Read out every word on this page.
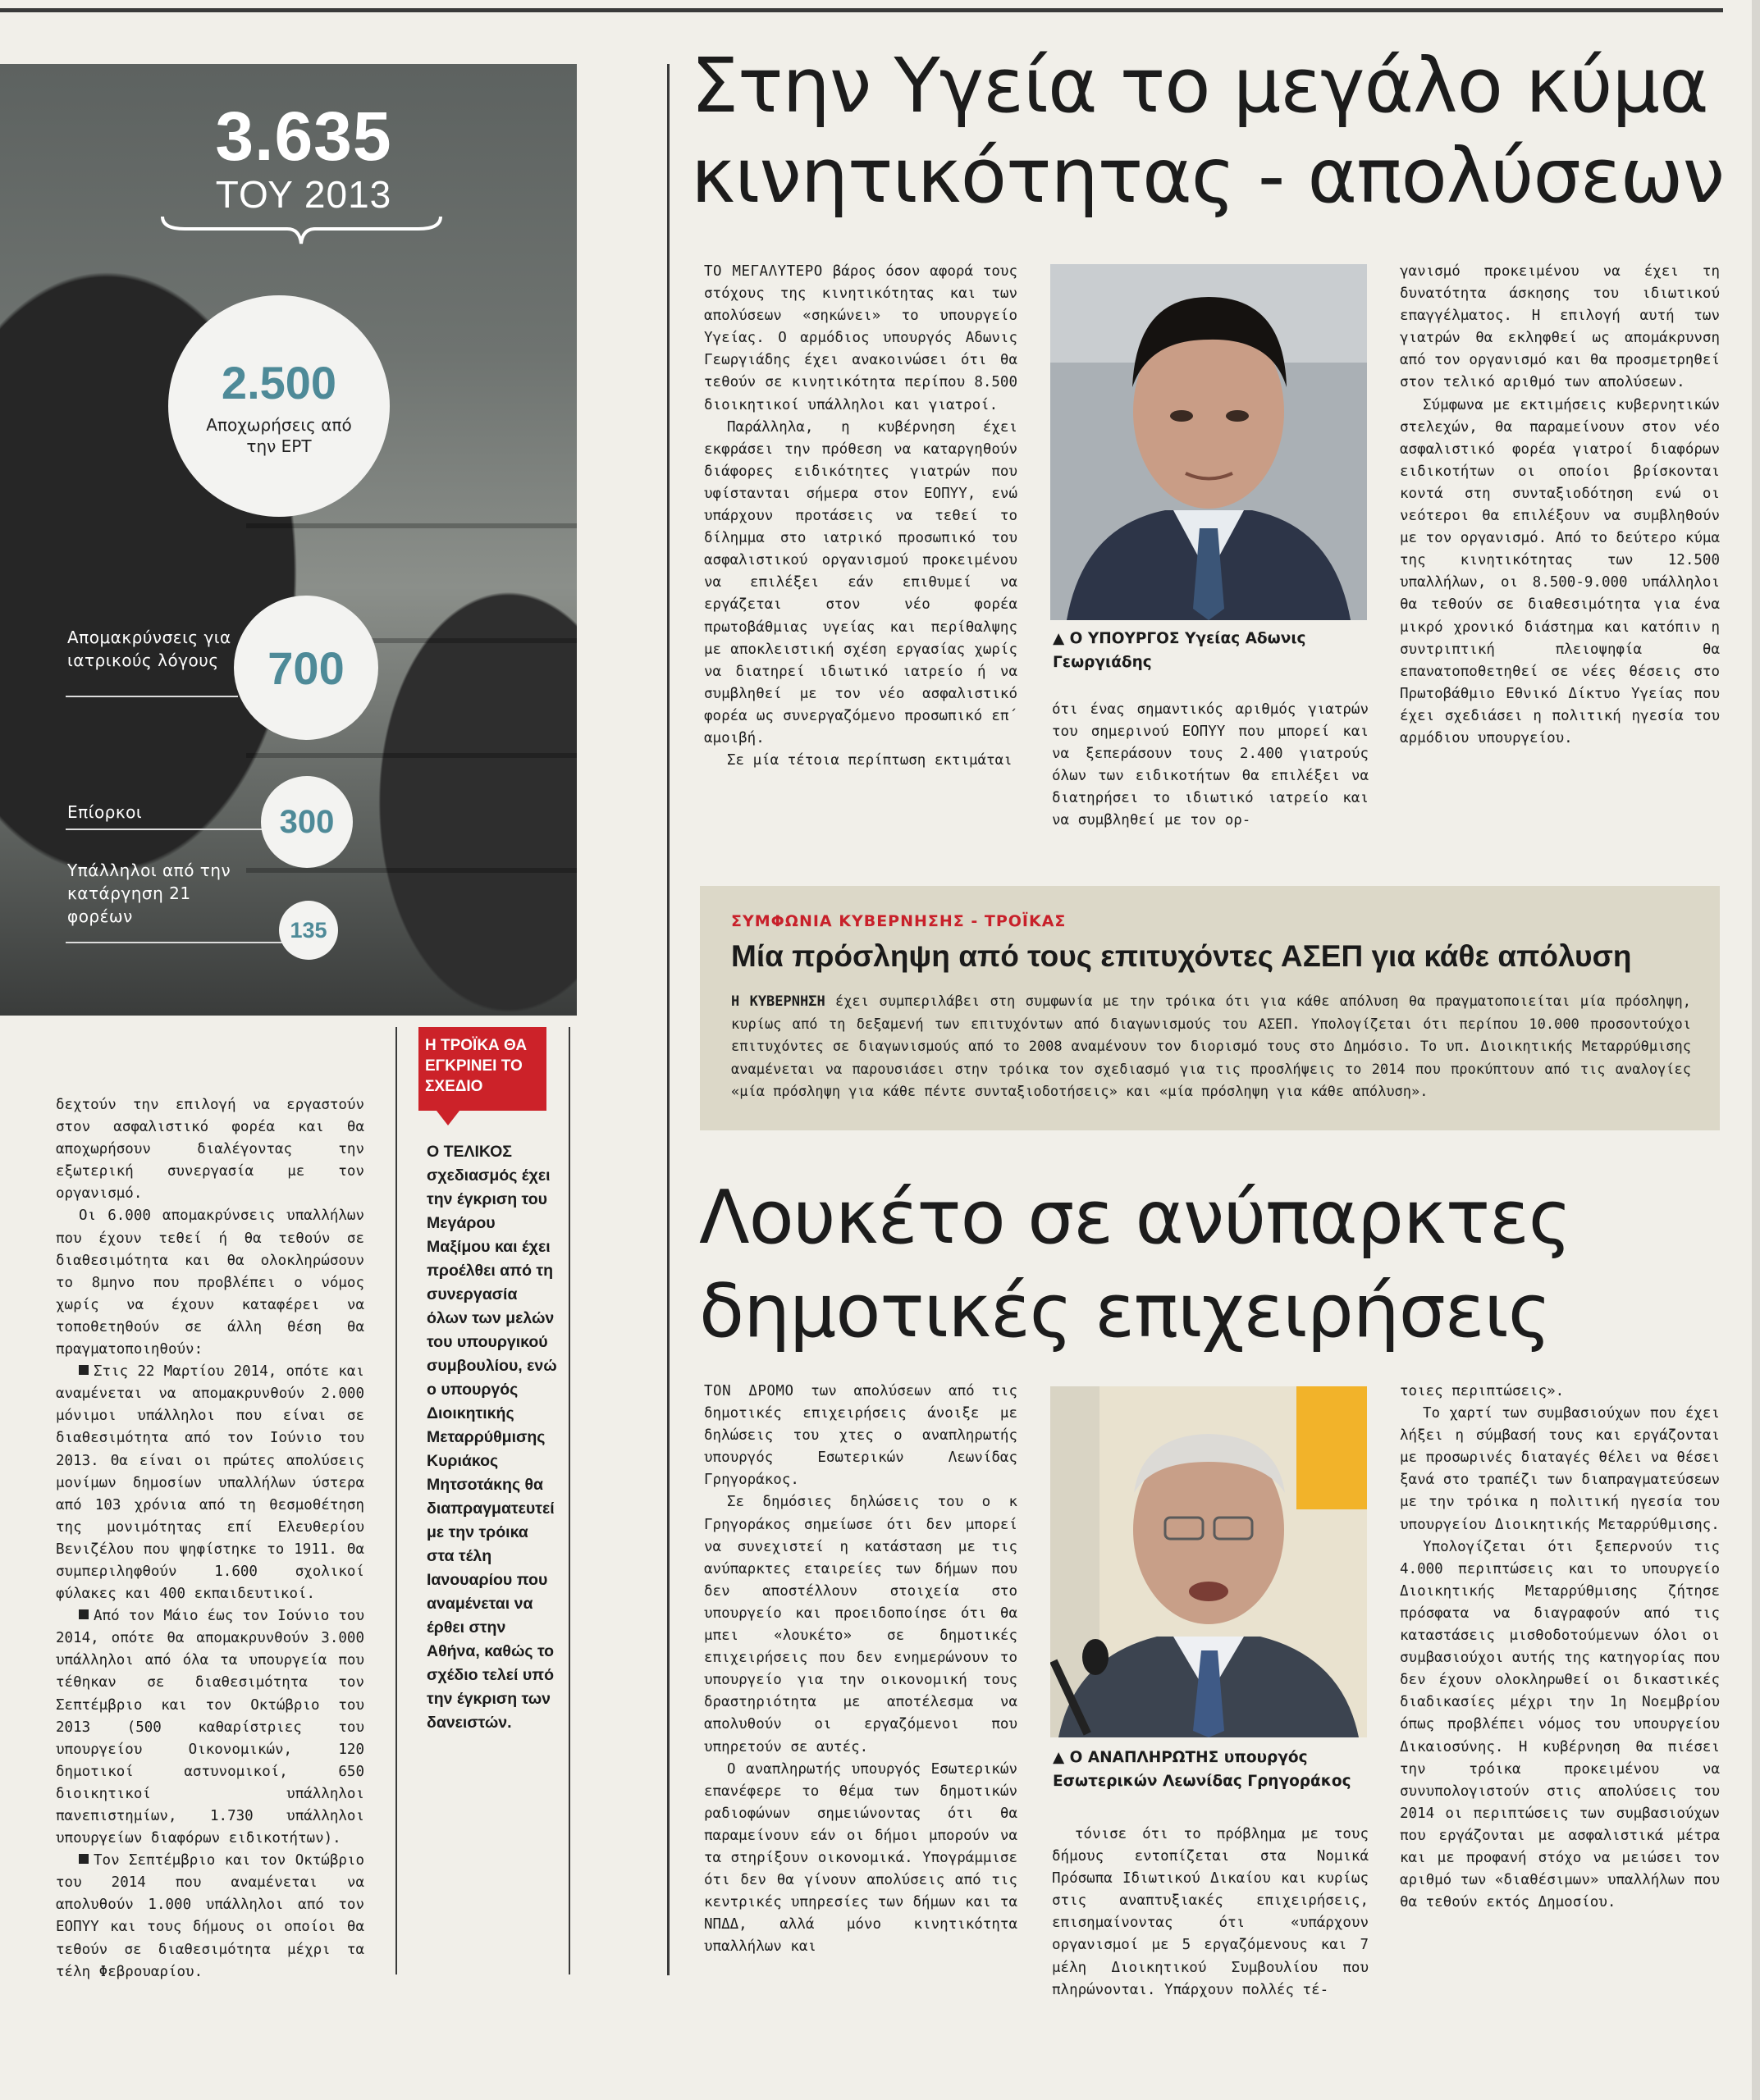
3.635
ΤΟΥ 2013
2.500
Αποχωρήσεις από την ΕΡΤ
Απομακρύνσεις για ιατρικούς λόγους 700
Επίορκοι	300
Υπάλληλοι από την κατάργηση 21 φορέων
135
Στην Υγεία το μεγάλο κύμα
κινητικότητας - απολύσεων

ΤΟ ΜΕΓΑΛΥΤΕΡΟ βάρος όσον αφορά τους στόχους της κινητικότητας και των απολύσεων «σηκώνει» το υπουργείο Υγείας. Ο αρμόδιος υπουργός Αδωνις Γεωργιάδης έχει ανακοινώσει ότι θα τεθούν σε κινητικότητα περίπου 8.500 διοικητικοί υπάλληλοι και γιατροί.

Παράλληλα, η κυβέρνηση έχει εκφράσει την πρόθεση να καταργηθούν διάφορες ειδικότητες γιατρών που υφίστανται σήμερα στον ΕΟΠΥΥ, ενώ υπάρχουν προτάσεις να τεθεί το δίλημμα στο ιατρικό προσωπικό του ασφαλιστικού οργανισμού προκειμένου να επιλέξει εάν επιθυμεί να εργάζεται στον νέο φορέα πρωτοβάθμιας υγείας και περίθαλψης με αποκλειστική σχέση εργασίας χωρίς να διατηρεί ιδιωτικό ιατρείο ή να συμβληθεί με τον νέο ασφαλιστικό φορέα ως συνεργαζόμενο προσωπικό επ΄ αμοιβή.

Σε μία τέτοια περίπτωση εκτιμάται

▲ Ο ΥΠΟΥΡΓΟΣ Υγείας Αδωνις Γεωργιάδης

ότι ένας σημαντικός αριθμός γιατρών του σημερινού ΕΟΠΥΥ που μπορεί και να ξεπεράσουν τους 2.400 γιατρούς όλων των ειδικοτήτων θα επιλέξει να διατηρήσει το ιδιωτικό ιατρείο και να συμβληθεί με τον ορ-

γανισμό προκειμένου να έχει τη δυνατότητα άσκησης του ιδιωτικού επαγγέλματος. Η επιλογή αυτή των γιατρών θα εκληφθεί ως απομάκρυνση από τον οργανισμό και θα προσμετρηθεί στον τελικό αριθμό των απολύσεων.

Σύμφωνα με εκτιμήσεις κυβερνητικών στελεχών, θα παραμείνουν στον νέο ασφαλιστικό φορέα γιατροί διαφόρων ειδικοτήτων οι οποίοι βρίσκονται κοντά στη συνταξιοδότηση ενώ οι νεότεροι θα επιλέξουν να συμβληθούν με τον οργανισμό. Από το δεύτερο κύμα της κινητικότητας των 12.500 υπαλλήλων, οι 8.500-9.000 υπάλληλοι θα τεθούν σε διαθεσιμότητα για ένα μικρό χρονικό διάστημα και κατόπιν η συντριπτική πλειοψηφία θα επανατοποθετηθεί σε νέες θέσεις στο Πρωτοβάθμιο Εθνικό Δίκτυο Υγείας που έχει σχεδιάσει η πολιτική ηγεσία του αρμόδιου υπουργείου.

ΣΥΜΦΩΝΙΑ ΚΥΒΕΡΝΗΣΗΣ - ΤΡΟΪΚΑΣ
Μία πρόσληψη από τους επιτυχόντες ΑΣΕΠ για κάθε απόλυση
Η ΚΥΒΕΡΝΗΣΗ έχει συμπεριλάβει στη συμφωνία με την τρόικα ότι για κάθε απόλυση θα πραγματοποιείται μία πρόσληψη, κυρίως από τη δεξαμενή των επιτυχόντων από διαγωνισμούς του ΑΣΕΠ. Υπολογίζεται ότι περίπου 10.000 προσοντούχοι επιτυχόντες σε διαγωνισμούς από το 2008 αναμένουν τον διορισμό τους στο Δημόσιο. Το υπ. Διοικητικής Μεταρρύθμισης αναμένεται να παρουσιάσει στην τρόικα τον σχεδιασμό για τις προσλήψεις το 2014 που προκύπτουν από τις αναλογίες «μία πρόσληψη για κάθε πέντε συνταξιοδοτήσεις» και «μία πρόσληψη για κάθε απόλυση».

δεχτούν την επιλογή να εργαστούν στον ασφαλιστικό φορέα και θα αποχωρήσουν διαλέγοντας την εξωτερική συνεργασία με τον οργανισμό.

Οι 6.000 απομακρύνσεις υπαλλήλων που έχουν τεθεί ή θα τεθούν σε διαθεσιμότητα και θα ολοκληρώσουν το 8μηνο που προβλέπει ο νόμος χωρίς να έχουν καταφέρει να τοποθετηθούν σε άλλη θέση θα πραγματοποιηθούν:

Στις 22 Μαρτίου 2014, οπότε και αναμένεται να απομακρυνθούν 2.000 μόνιμοι υπάλληλοι που είναι σε διαθεσιμότητα από τον Ιούνιο του 2013. Θα είναι οι πρώτες απολύσεις μονίμων δημοσίων υπαλλήλων ύστερα από 103 χρόνια από τη θεσμοθέτηση της μονιμότητας επί Ελευθερίου Βενιζέλου που ψηφίστηκε το 1911. Θα συμπεριληφθούν 1.600 σχολικοί φύλακες και 400 εκπαιδευτικοί.

Από τον Μάιο έως τον Ιούνιο του 2014, οπότε θα απομακρυνθούν 3.000 υπάλληλοι από όλα τα υπουργεία που τέθηκαν σε διαθεσιμότητα τον Σεπτέμβριο και τον Οκτώβριο του 2013 (500 καθαρίστριες του υπουργείου Οικονομικών, 120 δημοτικοί αστυνομικοί, 650 διοικητικοί υπάλληλοι πανεπιστημίων, 1.730 υπάλληλοι υπουργείων διαφόρων ειδικοτήτων).

Τον Σεπτέμβριο και τον Οκτώβριο του 2014 που αναμένεται να απολυθούν 1.000 υπάλληλοι από τον ΕΟΠΥΥ και τους δήμους οι οποίοι θα τεθούν σε διαθεσιμότητα μέχρι τα τέλη Φεβρουαρίου.

Η ΤΡΟΪΚΑ ΘΑ ΕΓΚΡΙΝΕΙ ΤΟ ΣΧΕΔΙΟ
Ο ΤΕΛΙΚΟΣ σχεδιασμός έχει την έγκριση του Μεγάρου Μαξίμου και έχει προέλθει από τη συνεργασία όλων των μελών του υπουργικού συμβουλίου, ενώ ο υπουργός Διοικητικής Μεταρρύθμισης Κυριάκος Μητσοτάκης θα διαπραγματευτεί με την τρόικα στα τέλη Ιανουαρίου που αναμένεται να έρθει στην Αθήνα, καθώς το σχέδιο τελεί υπό την έγκριση των δανειστών.
Λουκέτο σε ανύπαρκτες
δημοτικές επιχειρήσεις

ΤΟΝ ΔΡΟΜΟ των απολύσεων από τις δημοτικές επιχειρήσεις άνοιξε με δηλώσεις του χτες ο αναπληρωτής υπουργός Εσωτερικών Λεωνίδας Γρηγοράκος.

Σε δημόσιες δηλώσεις του ο κ Γρηγοράκος σημείωσε ότι δεν μπορεί να συνεχιστεί η κατάσταση με τις ανύπαρκτες εταιρείες των δήμων που δεν αποστέλλουν στοιχεία στο υπουργείο και προειδοποίησε ότι θα μπει «λουκέτο» σε δημοτικές επιχειρήσεις που δεν ενημερώνουν το υπουργείο για την οικονομική τους δραστηριότητα με αποτέλεσμα να απολυθούν οι εργαζόμενοι που υπηρετούν σε αυτές.

Ο αναπληρωτής υπουργός Εσωτερικών επανέφερε το θέμα των δημοτικών ραδιοφώνων σημειώνοντας ότι θα παραμείνουν εάν οι δήμοι μπορούν να τα στηρίξουν οικονομικά. Υπογράμμισε ότι δεν θα γίνουν απολύσεις από τις κεντρικές υπηρεσίες των δήμων και τα ΝΠΔΔ, αλλά μόνο κινητικότητα υπαλλήλων και

▲ Ο ΑΝΑΠΛΗΡΩΤΗΣ υπουργός
Εσωτερικών Λεωνίδας Γρηγοράκος

τόνισε ότι το πρόβλημα με τους δήμους εντοπίζεται στα Νομικά Πρόσωπα Ιδιωτικού Δικαίου και κυρίως στις αναπτυξιακές επιχειρήσεις, επισημαίνοντας ότι «υπάρχουν οργανισμοί με 5 εργαζόμενους και 7 μέλη Διοικητικού Συμβουλίου που πληρώνονται. Υπάρχουν πολλές τέ-

τοιες περιπτώσεις».

Το χαρτί των συμβασιούχων που έχει λήξει η σύμβασή τους και εργάζονται με προσωρινές διαταγές θέλει να θέσει ξανά στο τραπέζι των διαπραγματεύσεων με την τρόικα η πολιτική ηγεσία του υπουργείου Διοικητικής Μεταρρύθμισης.

Υπολογίζεται ότι ξεπερνούν τις 4.000 περιπτώσεις και το υπουργείο Διοικητικής Μεταρρύθμισης ζήτησε πρόσφατα να διαγραφούν από τις καταστάσεις μισθοδοτούμενων όλοι οι συμβασιούχοι αυτής της κατηγορίας που δεν έχουν ολοκληρωθεί οι δικαστικές διαδικασίες μέχρι την 1η Νοεμβρίου όπως προβλέπει νόμος του υπουργείου Δικαιοσύνης. Η κυβέρνηση θα πιέσει την τρόικα προκειμένου να συνυπολογιστούν στις απολύσεις του 2014 οι περιπτώσεις των συμβασιούχων που εργάζονται με ασφαλιστικά μέτρα και με προφανή στόχο να μειώσει τον αριθμό των «διαθέσιμων» υπαλλήλων που θα τεθούν εκτός Δημοσίου.
